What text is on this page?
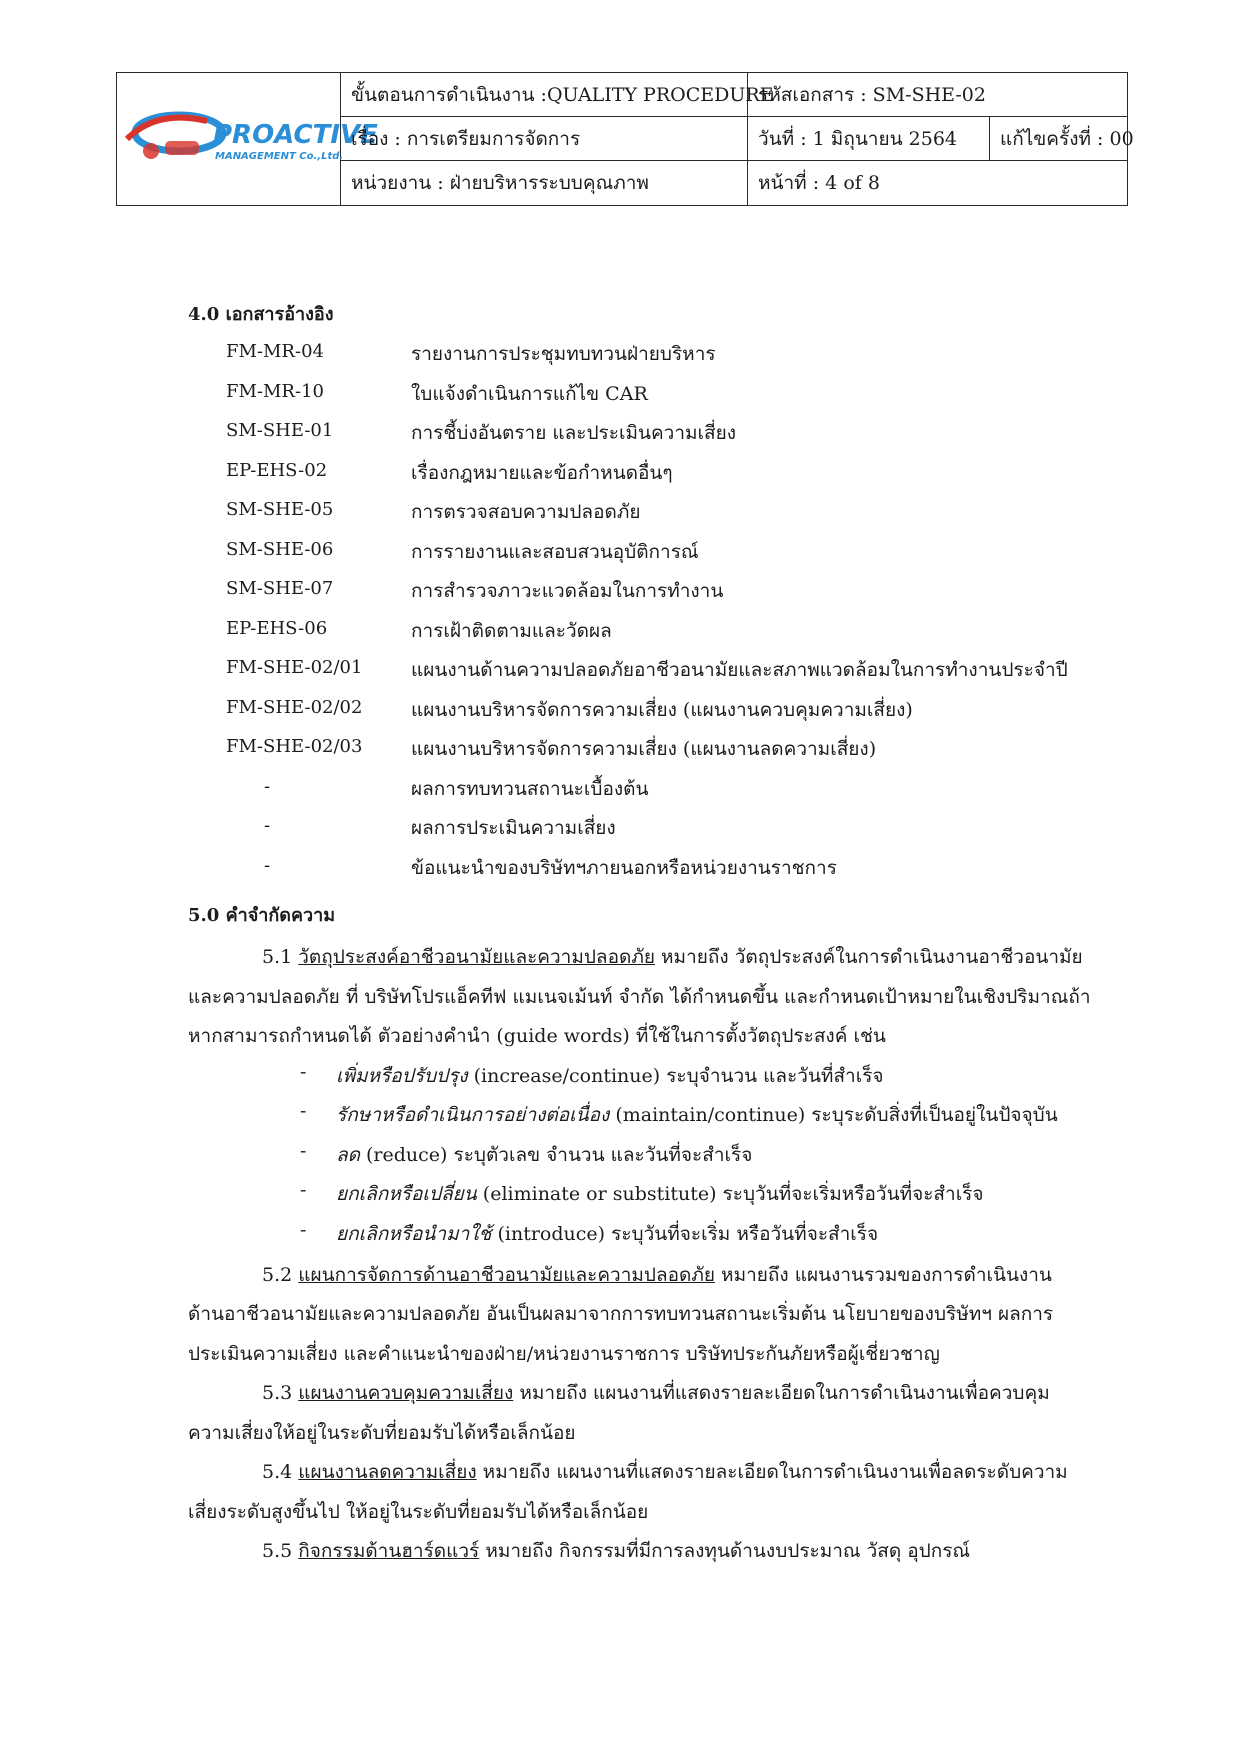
PROACTIVE
MANAGEMENT Co.,Ltd.
ขั้นตอนการดำเนินงาน :QUALITY PROCEDURE
รหัสเอกสาร : SM-SHE-02
เรื่อง : การเตรียมการจัดการ	วันที่ : 1 มิถุนายน 2564	แก้ไขครั้งที่ : 00
หน่วยงาน : ฝ่ายบริหารระบบคุณภาพ	หน้าที่ : 4 of 8
4.0 เอกสารอ้างอิง
FM-MR-04	รายงานการประชุมทบทวนฝ่ายบริหาร
FM-MR-10	ใบแจ้งดำเนินการแก้ไข CAR
SM-SHE-01	การชี้บ่งอันตราย และประเมินความเสี่ยง
EP-EHS-02	เรื่องกฎหมายและข้อกำหนดอื่นๆ
SM-SHE-05	การตรวจสอบความปลอดภัย
SM-SHE-06	การรายงานและสอบสวนอุบัติการณ์
SM-SHE-07	การสำรวจภาวะแวดล้อมในการทำงาน
EP-EHS-06	การเฝ้าติดตามและวัดผล
FM-SHE-02/01	แผนงานด้านความปลอดภัยอาชีวอนามัยและสภาพแวดล้อมในการทำงานประจำปี
FM-SHE-02/02	แผนงานบริหารจัดการความเสี่ยง (แผนงานควบคุมความเสี่ยง)
FM-SHE-02/03	แผนงานบริหารจัดการความเสี่ยง (แผนงานลดความเสี่ยง)
-	ผลการทบทวนสถานะเบื้องต้น
-	ผลการประเมินความเสี่ยง
-	ข้อแนะนำของบริษัทฯภายนอกหรือหน่วยงานราชการ
5.0 คำจำกัดความ
5.1 วัตถุประสงค์อาชีวอนามัยและความปลอดภัย หมายถึง วัตถุประสงค์ในการดำเนินงานอาชีวอนามัย
และความปลอดภัย ที่ บริษัทโปรแอ็คทีฟ แมเนจเม้นท์ จำกัด ได้กำหนดขึ้น และกำหนดเป้าหมายในเชิงปริมาณถ้า
หากสามารถกำหนดได้ ตัวอย่างคำนำ (guide words) ที่ใช้ในการตั้งวัตถุประสงค์ เช่น
- เพิ่มหรือปรับปรุง (increase/continue) ระบุจำนวน และวันที่สำเร็จ
- รักษาหรือดำเนินการอย่างต่อเนื่อง (maintain/continue) ระบุระดับสิ่งที่เป็นอยู่ในปัจจุบัน
- ลด (reduce) ระบุตัวเลข จำนวน และวันที่จะสำเร็จ
- ยกเลิกหรือเปลี่ยน (eliminate or substitute) ระบุวันที่จะเริ่มหรือวันที่จะสำเร็จ
- ยกเลิกหรือนำมาใช้ (introduce) ระบุวันที่จะเริ่ม หรือวันที่จะสำเร็จ
5.2 แผนการจัดการด้านอาชีวอนามัยและความปลอดภัย หมายถึง แผนงานรวมของการดำเนินงาน
ด้านอาชีวอนามัยและความปลอดภัย อันเป็นผลมาจากการทบทวนสถานะเริ่มต้น นโยบายของบริษัทฯ ผลการ
ประเมินความเสี่ยง และคำแนะนำของฝ่าย/หน่วยงานราชการ บริษัทประกันภัยหรือผู้เชี่ยวชาญ
5.3 แผนงานควบคุมความเสี่ยง หมายถึง แผนงานที่แสดงรายละเอียดในการดำเนินงานเพื่อควบคุม
ความเสี่ยงให้อยู่ในระดับที่ยอมรับได้หรือเล็กน้อย
5.4 แผนงานลดความเสี่ยง หมายถึง แผนงานที่แสดงรายละเอียดในการดำเนินงานเพื่อลดระดับความ
เสี่ยงระดับสูงขึ้นไป ให้อยู่ในระดับที่ยอมรับได้หรือเล็กน้อย
5.5 กิจกรรมด้านฮาร์ดแวร์ หมายถึง กิจกรรมที่มีการลงทุนด้านงบประมาณ วัสดุ อุปกรณ์
